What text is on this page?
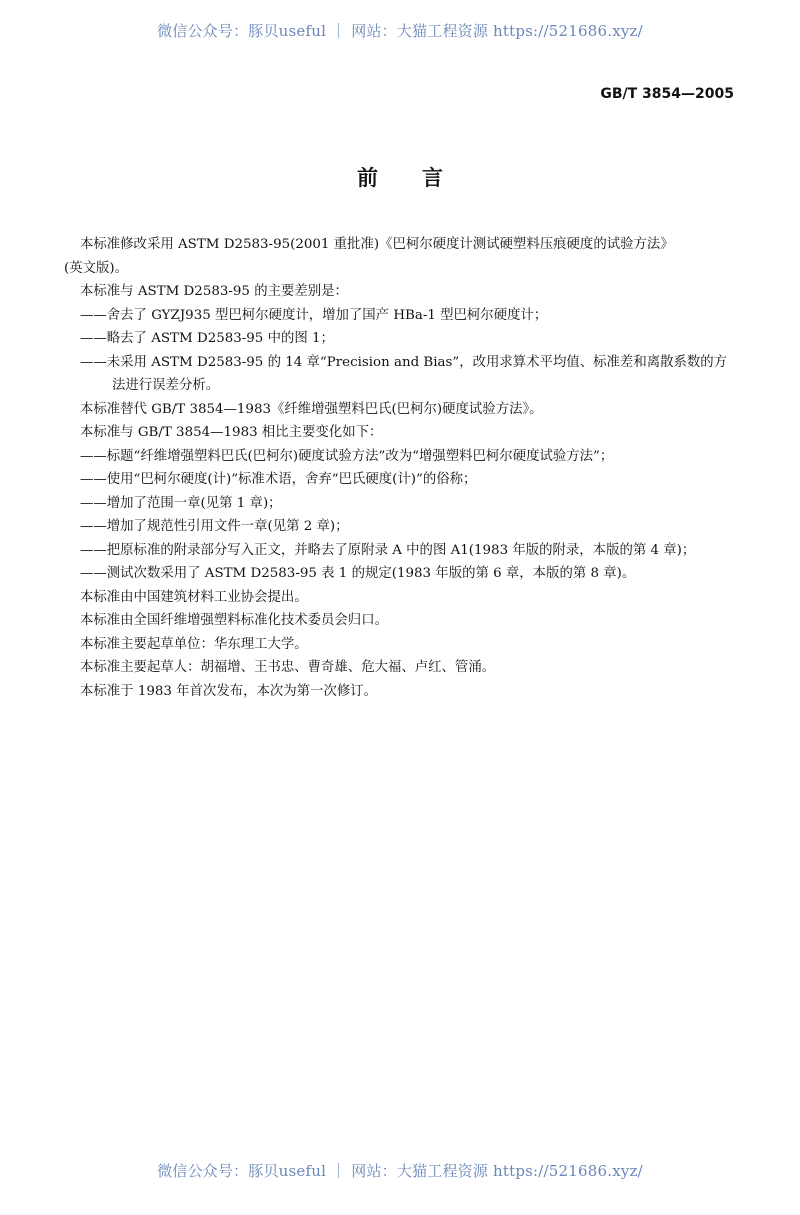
微信公众号：豚贝useful ｜ 网站：大猫工程资源 https://521686.xyz/
GB/T 3854—2005
前言

本标准修改采用 ASTM D2583-95(2001 重批准)《巴柯尔硬度计测试硬塑料压痕硬度的试验方法》

(英文版)。

本标准与 ASTM D2583-95 的主要差别是：

——舍去了 GYZJ935 型巴柯尔硬度计，增加了国产 HBa-1 型巴柯尔硬度计；

——略去了 ASTM D2583-95 中的图 1；

——未采用 ASTM D2583-95 的 14 章“Precision and Bias”，改用求算术平均值、标准差和离散系数的方法进行误差分析。

本标准替代 GB/T 3854—1983《纤维增强塑料巴氏(巴柯尔)硬度试验方法》。

本标准与 GB/T 3854—1983 相比主要变化如下：

——标题“纤维增强塑料巴氏(巴柯尔)硬度试验方法”改为“增强塑料巴柯尔硬度试验方法”；

——使用“巴柯尔硬度(计)”标准术语，舍弃“巴氏硬度(计)”的俗称；

——增加了范围一章(见第 1 章)；

——增加了规范性引用文件一章(见第 2 章)；

——把原标准的附录部分写入正文，并略去了原附录 A 中的图 A1(1983 年版的附录，本版的第 4 章)；

——测试次数采用了 ASTM D2583-95 表 1 的规定(1983 年版的第 6 章，本版的第 8 章)。

本标准由中国建筑材料工业协会提出。

本标准由全国纤维增强塑料标准化技术委员会归口。

本标准主要起草单位：华东理工大学。

本标准主要起草人：胡福增、王书忠、曹奇雄、危大福、卢红、管涌。

本标准于 1983 年首次发布，本次为第一次修订。

微信公众号：豚贝useful ｜ 网站：大猫工程资源 https://521686.xyz/
